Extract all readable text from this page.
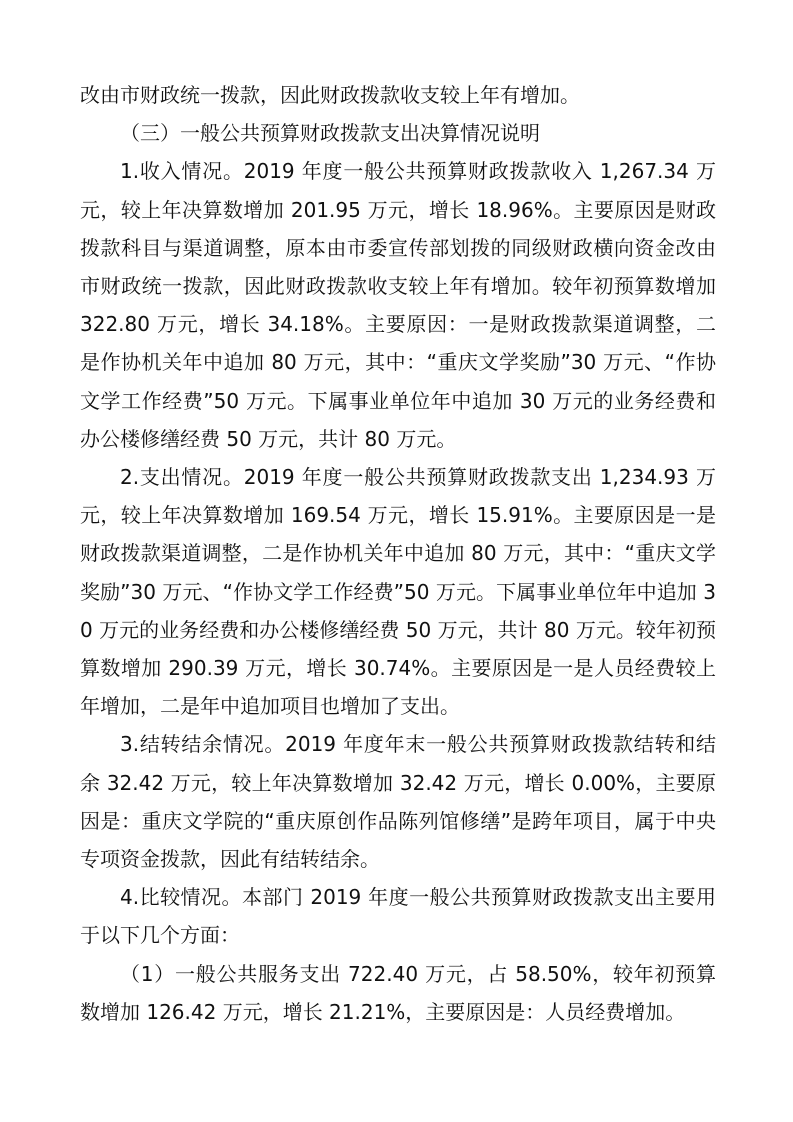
改由市财政统一拨款，因此财政拨款收支较上年有增加。

（三）一般公共预算财政拨款支出决算情况说明

1.收入情况。2019 年度一般公共预算财政拨款收入 1,267.34 万元，较上年决算数增加 201.95 万元，增长 18.96%。主要原因是财政拨款科目与渠道调整，原本由市委宣传部划拨的同级财政横向资金改由市财政统一拨款，因此财政拨款收支较上年有增加。较年初预算数增加 322.80 万元，增长 34.18%。主要原因：一是财政拨款渠道调整，二是作协机关年中追加 80 万元，其中：“重庆文学奖励”30 万元、“作协文学工作经费”50 万元。下属事业单位年中追加 30 万元的业务经费和办公楼修缮经费 50 万元，共计 80 万元。

2.支出情况。2019 年度一般公共预算财政拨款支出 1,234.93 万元，较上年决算数增加 169.54 万元，增长 15.91%。主要原因是一是财政拨款渠道调整，二是作协机关年中追加 80 万元，其中：“重庆文学奖励”30 万元、“作协文学工作经费”50 万元。下属事业单位年中追加 30 万元的业务经费和办公楼修缮经费 50 万元，共计 80 万元。较年初预算数增加 290.39 万元，增长 30.74%。主要原因是一是人员经费较上年增加，二是年中追加项目也增加了支出。

3.结转结余情况。2019 年度年末一般公共预算财政拨款结转和结余 32.42 万元，较上年决算数增加 32.42 万元，增长 0.00%，主要原因是：重庆文学院的“重庆原创作品陈列馆修缮”是跨年项目，属于中央专项资金拨款，因此有结转结余。

4.比较情况。本部门 2019 年度一般公共预算财政拨款支出主要用于以下几个方面：

（1）一般公共服务支出 722.40 万元，占 58.50%，较年初预算数增加 126.42 万元，增长 21.21%，主要原因是：人员经费增加。
